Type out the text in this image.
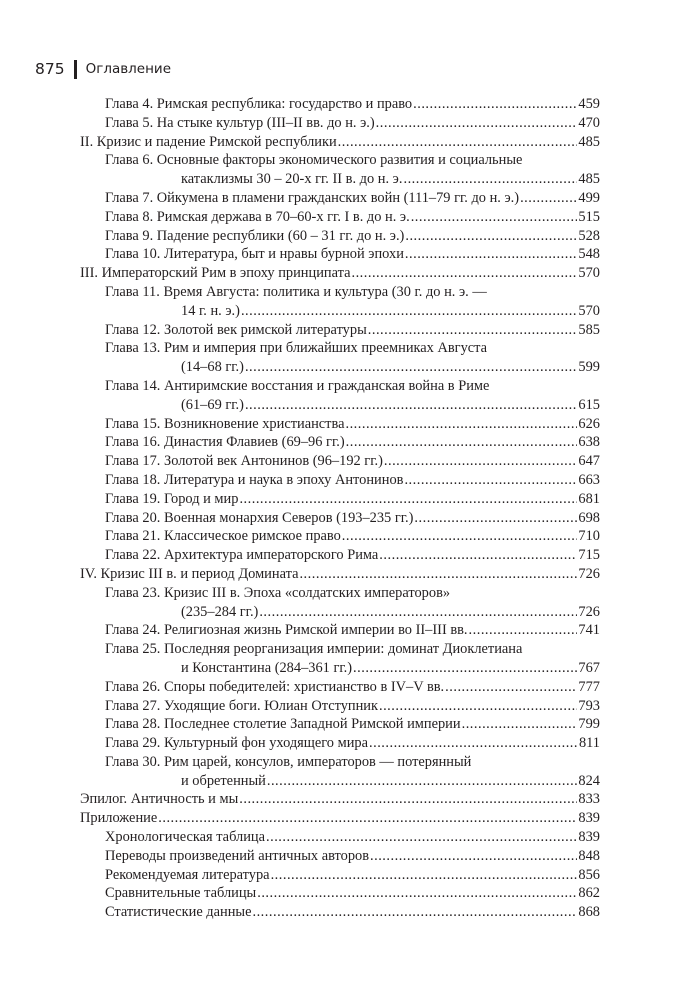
875 Оглавление
Глава 4. Римская республика: государство и право .....	459
Глава 5. На стыке культур (III–II вв. до н. э.) .....	470
II. Кризис и падение Римской республики .....	485
Глава 6. Основные факторы экономического развития и социальные
катаклизмы 30 – 20-х гг. II в. до н. э. .....	485
Глава 7. Ойкумена в пламени гражданских войн (111–79 гг. до н. э.) .....	499
Глава 8. Римская держава в 70–60-х гг. I в. до н. э. .....	515
Глава 9. Падение республики (60 – 31 гг. до н. э.) .....	528
Глава 10. Литература, быт и нравы бурной эпохи .....	548
III. Императорский Рим в эпоху принципата .....	570
Глава 11. Время Августа: политика и культура (30 г. до н. э. —
14 г. н. э.) .....	570
Глава 12. Золотой век римской литературы .....	585
Глава 13. Рим и империя при ближайших преемниках Августа
(14–68 гг.) .....	599
Глава 14. Антиримские восстания и гражданская война в Риме
(61–69 гг.) .....	615
Глава 15. Возникновение христианства .....	626
Глава 16. Династия Флавиев (69–96 гг.) .....	638
Глава 17. Золотой век Антонинов (96–192 гг.) .....	647
Глава 18. Литература и наука в эпоху Антонинов .....	663
Глава 19. Город и мир .....	681
Глава 20. Военная монархия Северов (193–235 гг.) .....	698
Глава 21. Классическое римское право .....	710
Глава 22. Архитектура императорского Рима .....	715
IV. Кризис III в. и период Домината .....	726
Глава 23. Кризис III в. Эпоха «солдатских императоров»
(235–284 гг.) .....	726
Глава 24. Религиозная жизнь Римской империи во II–III вв. .....	741
Глава 25. Последняя реорганизация империи: доминат Диоклетиана
и Константина (284–361 гг.) .....	767
Глава 26. Споры победителей: христианство в IV–V вв. .....	777
Глава 27. Уходящие боги. Юлиан Отступник .....	793
Глава 28. Последнее столетие Западной Римской империи .....	799
Глава 29. Культурный фон уходящего мира .....	811
Глава 30. Рим царей, консулов, императоров — потерянный
и обретенный .....	824
Эпилог. Античность и мы .....	833
Приложение .....	839
Хронологическая таблица .....	839
Переводы произведений античных авторов .....	848
Рекомендуемая литература .....	856
Сравнительные таблицы .....	862
Статистические данные .....	868
